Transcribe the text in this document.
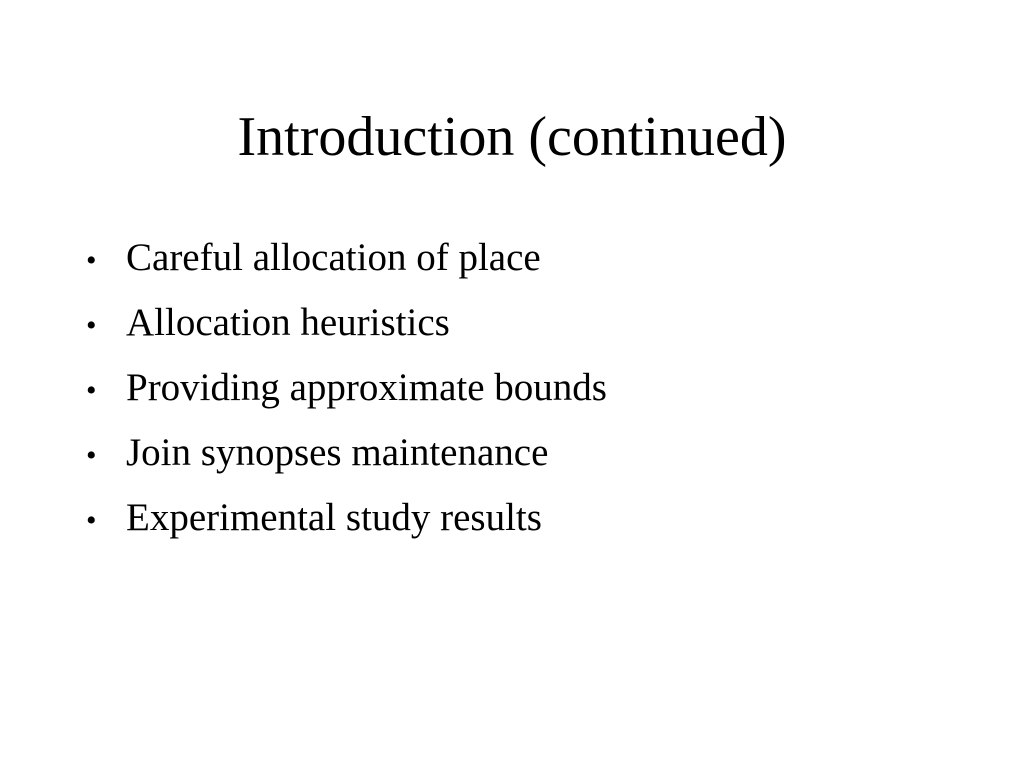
Introduction (continued)
• Careful allocation of place
• Allocation heuristics
• Providing approximate bounds
• Join synopses maintenance
• Experimental study results
